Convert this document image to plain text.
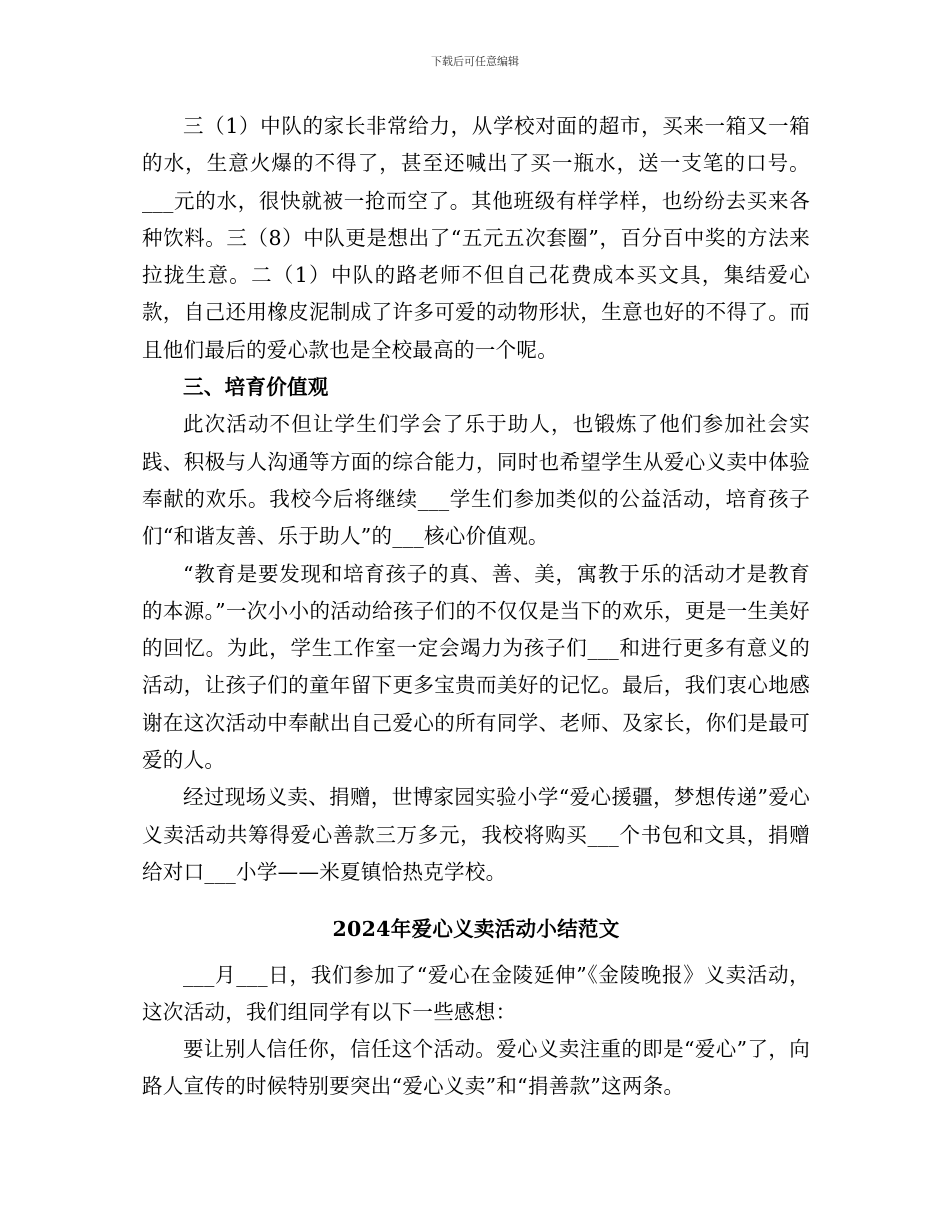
下载后可任意编辑

三（1）中队的家长非常给力，从学校对面的超市，买来一箱又一箱的水，生意火爆的不得了，甚至还喊出了买一瓶水，送一支笔的口号。___元的水，很快就被一抢而空了。其他班级有样学样，也纷纷去买来各种饮料。三（8）中队更是想出了“五元五次套圈”，百分百中奖的方法来拉拢生意。二（1）中队的路老师不但自己花费成本买文具，集结爱心款，自己还用橡皮泥制成了许多可爱的动物形状，生意也好的不得了。而且他们最后的爱心款也是全校最高的一个呢。

三、培育价值观

此次活动不但让学生们学会了乐于助人，也锻炼了他们参加社会实践、积极与人沟通等方面的综合能力，同时也希望学生从爱心义卖中体验奉献的欢乐。我校今后将继续___学生们参加类似的公益活动，培育孩子们“和谐友善、乐于助人”的___核心价值观。

“教育是要发现和培育孩子的真、善、美，寓教于乐的活动才是教育的本源。”一次小小的活动给孩子们的不仅仅是当下的欢乐，更是一生美好的回忆。为此，学生工作室一定会竭力为孩子们___和进行更多有意义的活动，让孩子们的童年留下更多宝贵而美好的记忆。最后，我们衷心地感谢在这次活动中奉献出自己爱心的所有同学、老师、及家长，你们是最可爱的人。

经过现场义卖、捐赠，世博家园实验小学“爱心援疆，梦想传递”爱心义卖活动共筹得爱心善款三万多元，我校将购买___个书包和文具，捐赠给对口___小学——米夏镇恰热克学校。

2024年爱心义卖活动小结范文

___月___日，我们参加了“爱心在金陵延伸”《金陵晚报》义卖活动，这次活动，我们组同学有以下一些感想：

要让别人信任你，信任这个活动。爱心义卖注重的即是“爱心”了，向路人宣传的时候特别要突出“爱心义卖”和“捐善款”这两条。
